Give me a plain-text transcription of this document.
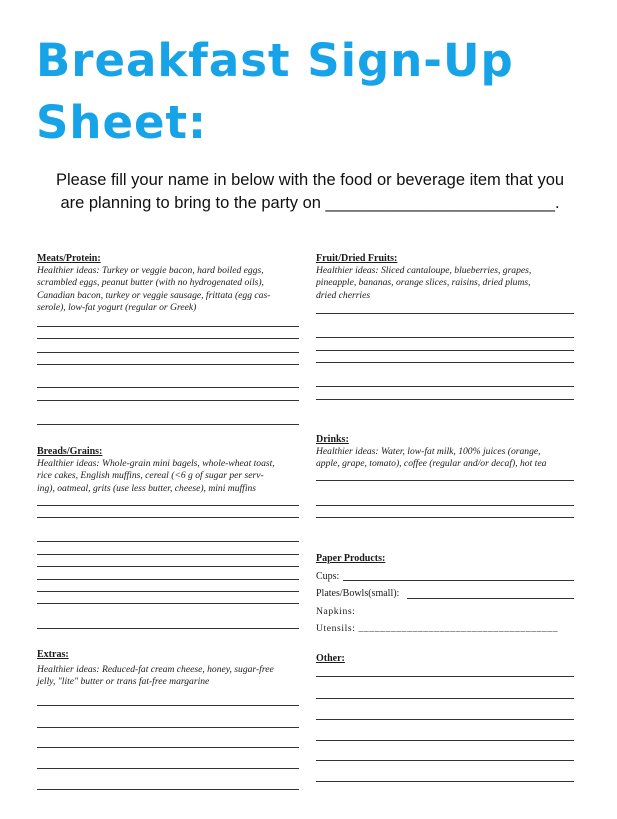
Breakfast Sign-Up
Sheet:

Please fill your name in below with the food or beverage item that you
are planning to bring to the party on _________________________.

Meats/Protein:
Healthier ideas: Turkey or veggie bacon, hard boiled eggs,
scrambled eggs, peanut butter (with no hydrogenated oils),
Canadian bacon, turkey or veggie sausage, frittata (egg cas-
serole), low-fat yogurt (regular or Greek)
Fruit/Dried Fruits:
Healthier ideas: Sliced cantaloupe, blueberries, grapes,
pineapple, bananas, orange slices, raisins, dried plums,
dried cherries
Breads/Grains:
Healthier ideas: Whole-grain mini bagels, whole-wheat toast,
rice cakes, English muffins, cereal (<6 g of sugar per serv-
ing), oatmeal, grits (use less butter, cheese), mini muffins
Drinks:
Healthier ideas: Water, low-fat milk, 100% juices (orange,
apple, grape, tomato), coffee (regular and/or decaf), hot tea
Paper Products:
Cups:
Plates/Bowls(small):
Napkins:
Utensils: _____________________________________
Extras:
Healthier ideas: Reduced-fat cream cheese, honey, sugar-free
jelly, "lite" butter or trans fat-free margarine
Other:
